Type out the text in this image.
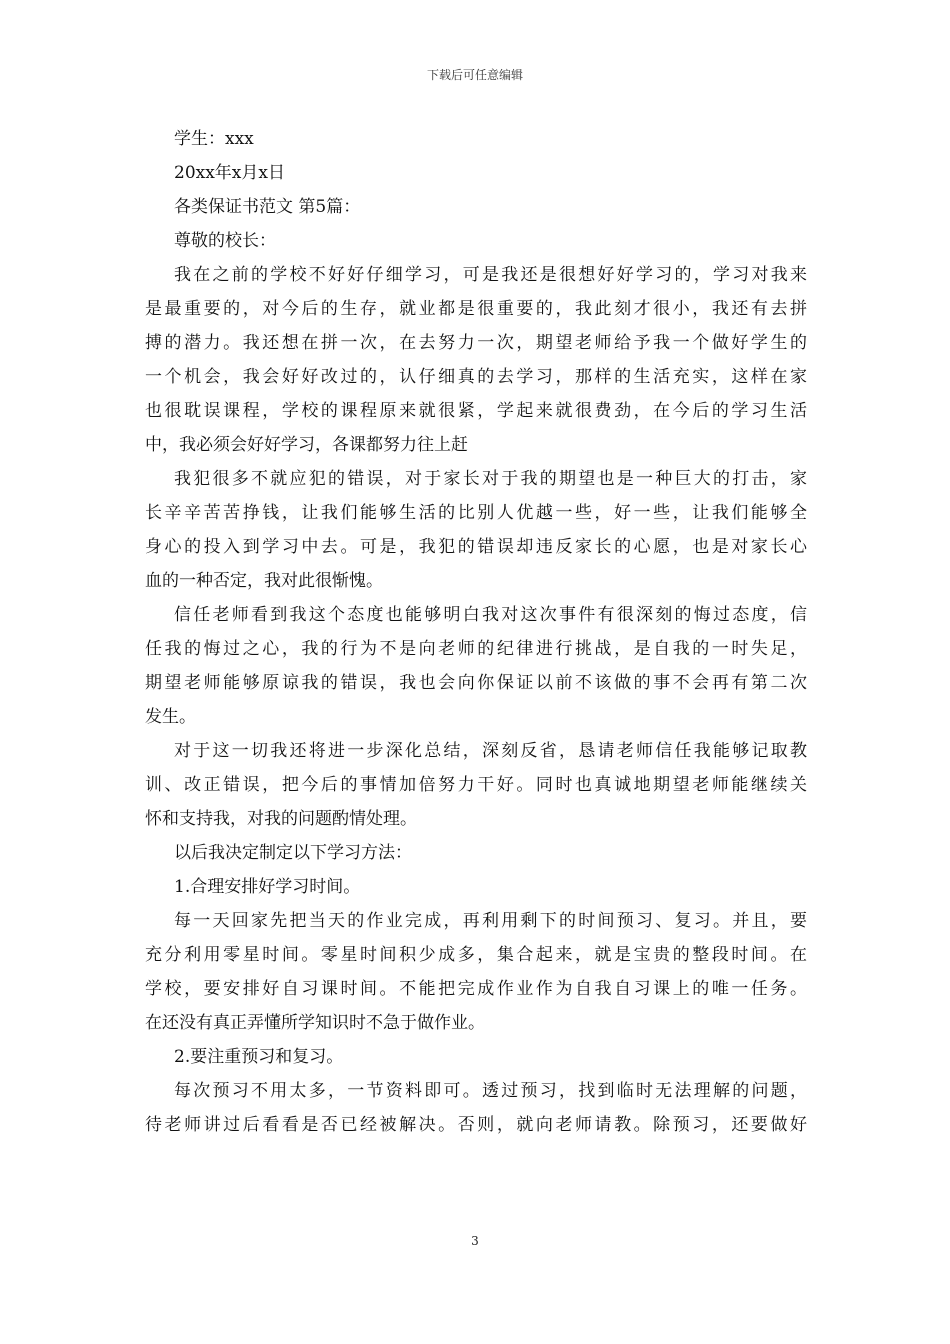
下载后可任意编辑
学生：xxx
20xx年x月x日
各类保证书范文 第5篇：
尊敬的校长：
我在之前的学校不好好仔细学习，可是我还是很想好好学习的，学习对我来
是最重要的，对今后的生存，就业都是很重要的，我此刻才很小，我还有去拼
搏的潜力。我还想在拼一次，在去努力一次，期望老师给予我一个做好学生的
一个机会，我会好好改过的，认仔细真的去学习，那样的生活充实，这样在家
也很耽误课程，学校的课程原来就很紧，学起来就很费劲，在今后的学习生活
中，我必须会好好学习，各课都努力往上赶
我犯很多不就应犯的错误，对于家长对于我的期望也是一种巨大的打击，家
长辛辛苦苦挣钱，让我们能够生活的比别人优越一些，好一些，让我们能够全
身心的投入到学习中去。可是，我犯的错误却违反家长的心愿，也是对家长心
血的一种否定，我对此很惭愧。
信任老师看到我这个态度也能够明白我对这次事件有很深刻的悔过态度，信
任我的悔过之心，我的行为不是向老师的纪律进行挑战，是自我的一时失足，
期望老师能够原谅我的错误，我也会向你保证以前不该做的事不会再有第二次
发生。
对于这一切我还将进一步深化总结，深刻反省，恳请老师信任我能够记取教
训、改正错误，把今后的事情加倍努力干好。同时也真诚地期望老师能继续关
怀和支持我，对我的问题酌情处理。
以后我决定制定以下学习方法：
1.合理安排好学习时间。
每一天回家先把当天的作业完成，再利用剩下的时间预习、复习。并且，要
充分利用零星时间。零星时间积少成多，集合起来，就是宝贵的整段时间。在
学校，要安排好自习课时间。不能把完成作业作为自我自习课上的唯一任务。
在还没有真正弄懂所学知识时不急于做作业。
2.要注重预习和复习。
每次预习不用太多，一节资料即可。透过预习，找到临时无法理解的问题，
待老师讲过后看看是否已经被解决。否则，就向老师请教。除预习，还要做好
3
